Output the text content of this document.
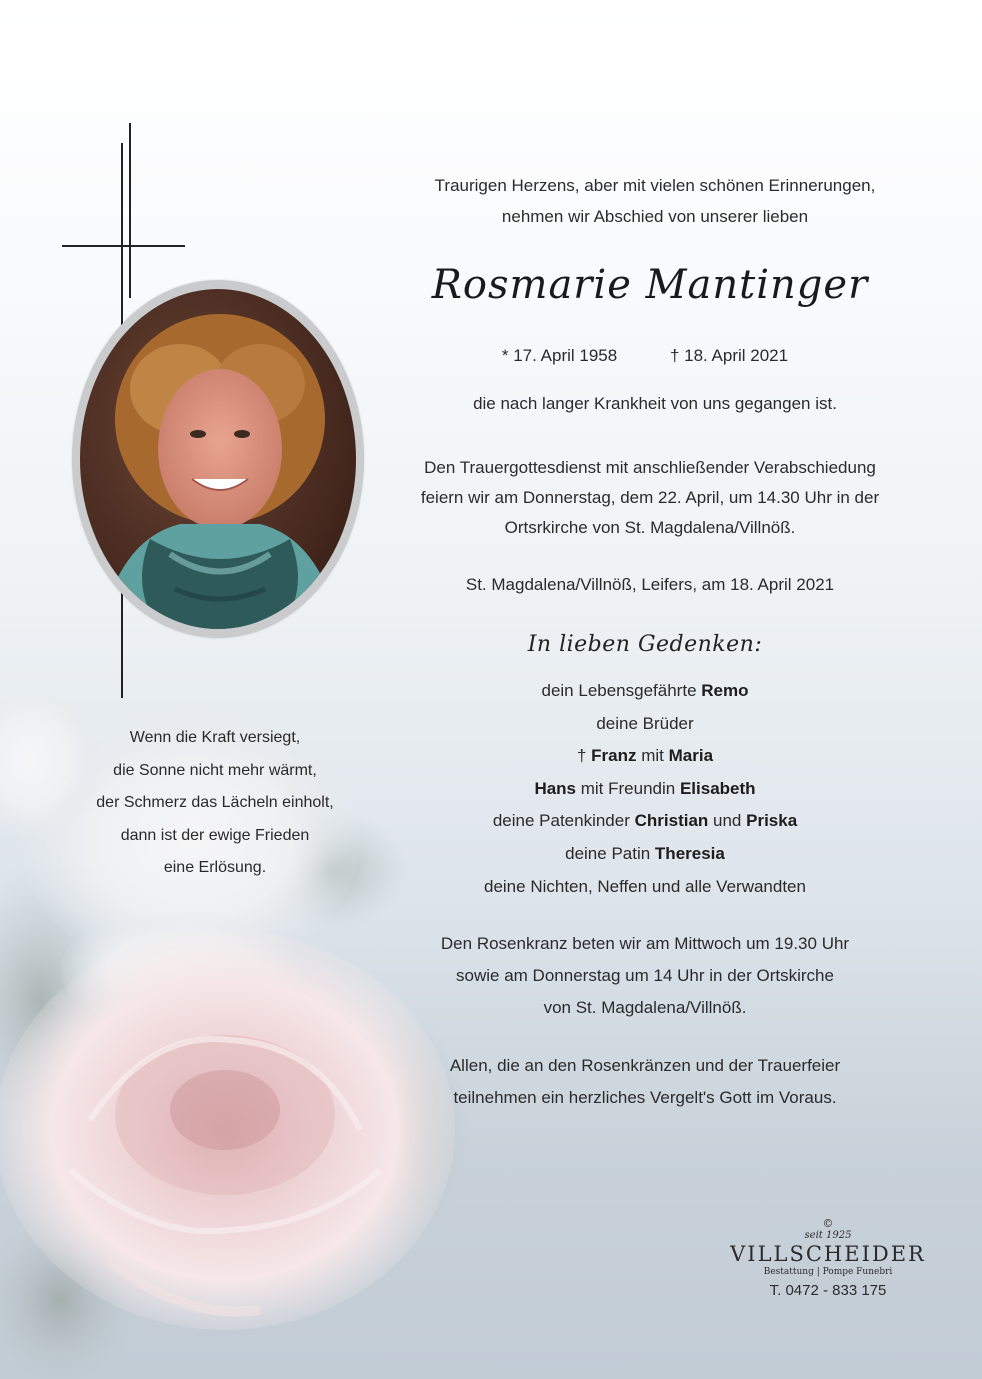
Traurigen Herzens, aber mit vielen schönen Erinnerungen,

nehmen wir Abschied von unserer lieben

Rosmarie Mantinger
* 17. April 1958	† 18. April 2021
die nach langer Krankheit von uns gegangen ist.

Den Trauergottesdienst mit anschließender Verabschiedung

feiern wir am Donnerstag, dem 22. April, um 14.30 Uhr in der

Ortsrkirche von St. Magdalena/Villnöß.

St. Magdalena/Villnöß, Leifers, am 18. April 2021
In lieben Gedenken:

dein Lebensgefährte Remo

deine Brüder

† Franz mit Maria

Hans mit Freundin Elisabeth

deine Patenkinder Christian und Priska

deine Patin Theresia

deine Nichten, Neffen und alle Verwandten

Den Rosenkranz beten wir am Mittwoch um 19.30 Uhr

sowie am Donnerstag um 14 Uhr in der Ortskirche

von St. Magdalena/Villnöß.

Allen, die an den Rosenkränzen und der Trauerfeier

teilnehmen ein herzliches Vergelt's Gott im Voraus.

Wenn die Kraft versiegt,

die Sonne nicht mehr wärmt,

der Schmerz das Lächeln einholt,

dann ist der ewige Frieden

eine Erlösung.

©
seit 1925
VILLSCHEIDER
Bestattung | Pompe Funebri
T. 0472 - 833 175
